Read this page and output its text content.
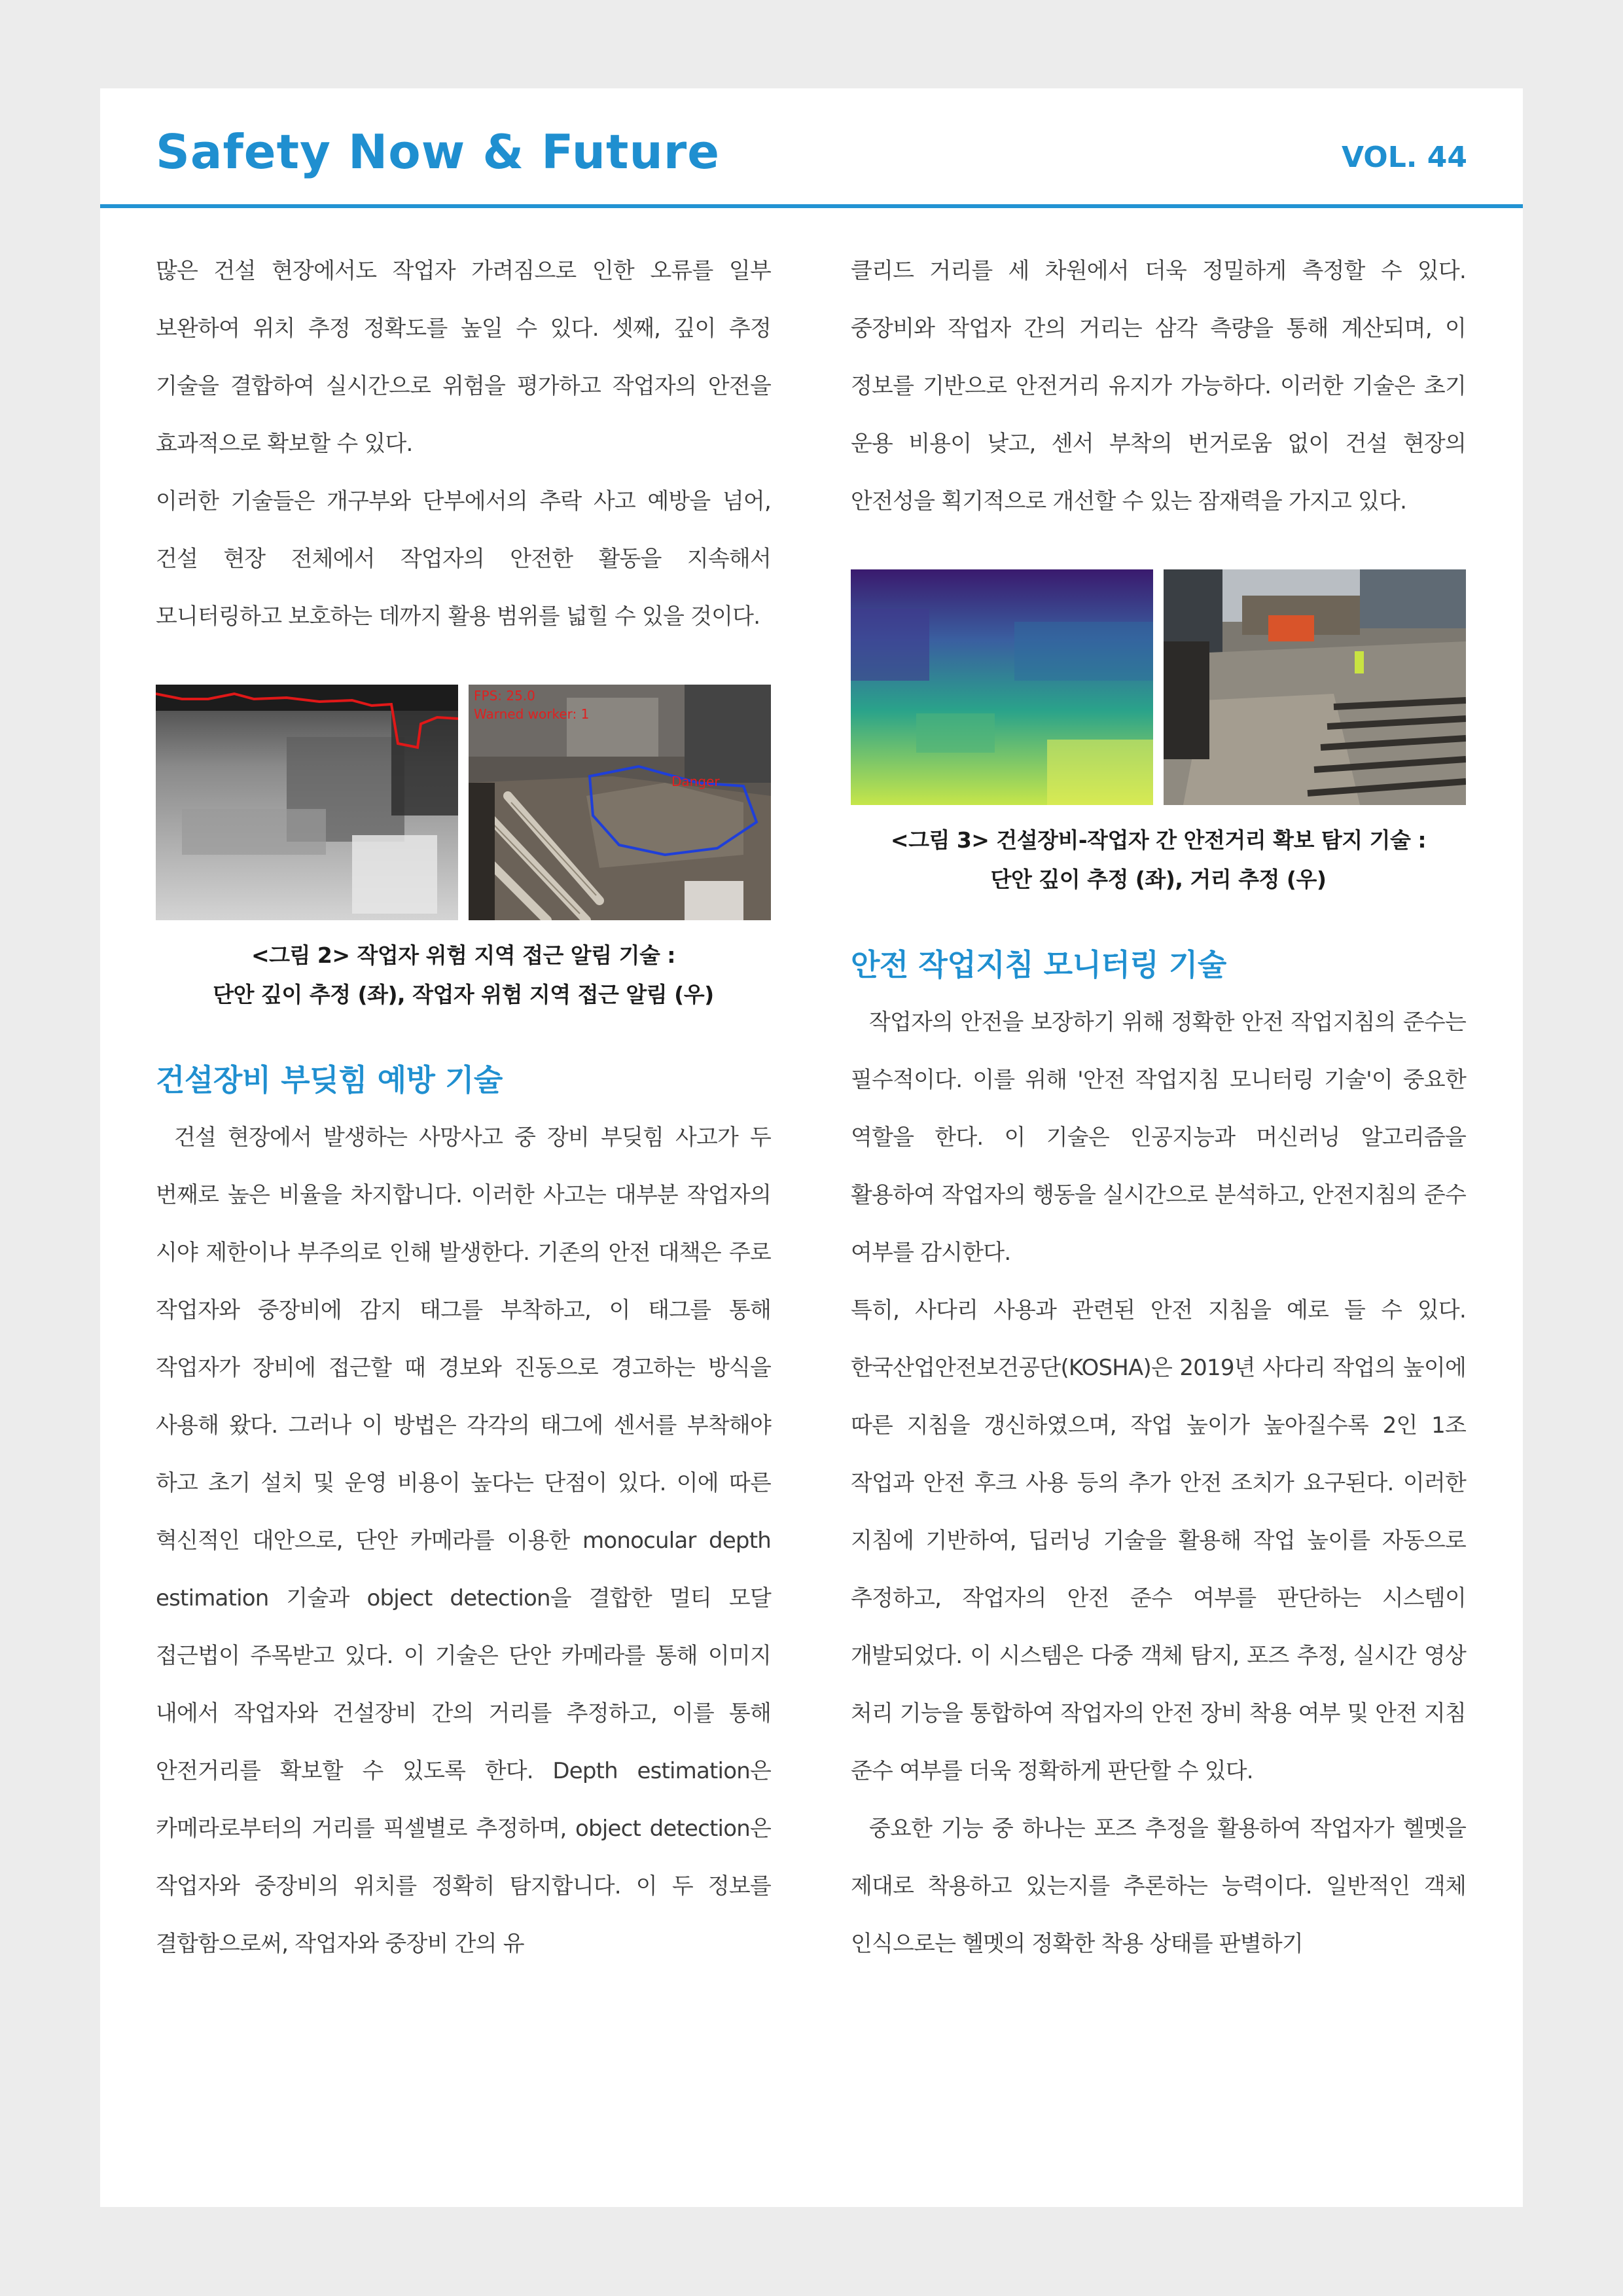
Safety Now & Future	VOL. 44

많은 건설 현장에서도 작업자 가려짐으로 인한 오류를 일부 보완하여 위치 추정 정확도를 높일 수 있다. 셋째, 깊이 추정 기술을 결합하여 실시간으로 위험을 평가하고 작업자의 안전을 효과적으로 확보할 수 있다.

이러한 기술들은 개구부와 단부에서의 추락 사고 예방을 넘어, 건설 현장 전체에서 작업자의 안전한 활동을 지속해서 모니터링하고 보호하는 데까지 활용 범위를 넓힐 수 있을 것이다.

FPS: 25.0
Warned worker: 1
Danger
<그림 2> 작업자 위험 지역 접근 알림 기술 :
단안 깊이 추정 (좌), 작업자 위험 지역 접근 알림 (우)
건설장비 부딪힘 예방 기술

건설 현장에서 발생하는 사망사고 중 장비 부딪힘 사고가 두 번째로 높은 비율을 차지합니다. 이러한 사고는 대부분 작업자의 시야 제한이나 부주의로 인해 발생한다. 기존의 안전 대책은 주로 작업자와 중장비에 감지 태그를 부착하고, 이 태그를 통해 작업자가 장비에 접근할 때 경보와 진동으로 경고하는 방식을 사용해 왔다. 그러나 이 방법은 각각의 태그에 센서를 부착해야 하고 초기 설치 및 운영 비용이 높다는 단점이 있다. 이에 따른 혁신적인 대안으로, 단안 카메라를 이용한 monocular depth estimation 기술과 object detection을 결합한 멀티 모달 접근법이 주목받고 있다. 이 기술은 단안 카메라를 통해 이미지 내에서 작업자와 건설장비 간의 거리를 추정하고, 이를 통해 안전거리를 확보할 수 있도록 한다. Depth estimation은 카메라로부터의 거리를 픽셀별로 추정하며, object detection은 작업자와 중장비의 위치를 정확히 탐지합니다. 이 두 정보를 결합함으로써, 작업자와 중장비 간의 유

클리드 거리를 세 차원에서 더욱 정밀하게 측정할 수 있다. 중장비와 작업자 간의 거리는 삼각 측량을 통해 계산되며, 이 정보를 기반으로 안전거리 유지가 가능하다. 이러한 기술은 초기 운용 비용이 낮고, 센서 부착의 번거로움 없이 건설 현장의 안전성을 획기적으로 개선할 수 있는 잠재력을 가지고 있다.

<그림 3> 건설장비-작업자 간 안전거리 확보 탐지 기술 :
단안 깊이 추정 (좌), 거리 추정 (우)
안전 작업지침 모니터링 기술

작업자의 안전을 보장하기 위해 정확한 안전 작업지침의 준수는 필수적이다. 이를 위해 '안전 작업지침 모니터링 기술'이 중요한 역할을 한다. 이 기술은 인공지능과 머신러닝 알고리즘을 활용하여 작업자의 행동을 실시간으로 분석하고, 안전지침의 준수 여부를 감시한다.

특히, 사다리 사용과 관련된 안전 지침을 예로 들 수 있다. 한국산업안전보건공단(KOSHA)은 2019년 사다리 작업의 높이에 따른 지침을 갱신하였으며, 작업 높이가 높아질수록 2인 1조 작업과 안전 후크 사용 등의 추가 안전 조치가 요구된다. 이러한 지침에 기반하여, 딥러닝 기술을 활용해 작업 높이를 자동으로 추정하고, 작업자의 안전 준수 여부를 판단하는 시스템이 개발되었다. 이 시스템은 다중 객체 탐지, 포즈 추정, 실시간 영상 처리 기능을 통합하여 작업자의 안전 장비 착용 여부 및 안전 지침 준수 여부를 더욱 정확하게 판단할 수 있다.

중요한 기능 중 하나는 포즈 추정을 활용하여 작업자가 헬멧을 제대로 착용하고 있는지를 추론하는 능력이다. 일반적인 객체 인식으로는 헬멧의 정확한 착용 상태를 판별하기
